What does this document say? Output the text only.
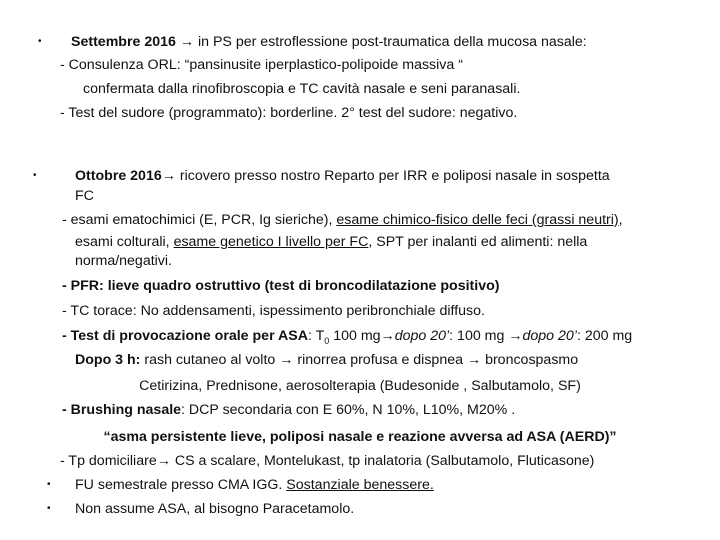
• Settembre 2016 → in PS per estroflessione post-traumatica della mucosa nasale:
- Consulenza ORL: “pansinusite iperplastico-polipoide massiva “
confermata dalla rinofibroscopia e TC cavità nasale e seni paranasali.
- Test del sudore (programmato): borderline. 2° test del sudore: negativo.
•	Ottobre 2016→ ricovero presso nostro Reparto per IRR e poliposi nasale in sospetta
FC
- esami ematochimici (E, PCR, Ig sieriche), esame chimico-fisico delle feci (grassi neutri),
esami colturali, esame genetico I livello per FC, SPT per inalanti ed alimenti: nella
norma/negativi.
- PFR: lieve quadro ostruttivo (test di broncodilatazione positivo)
- TC torace: No addensamenti, ispessimento peribronchiale diffuso.
- Test di provocazione orale per ASA: $T_0$ 100 mg→dopo 20’: 100 mg →dopo 20’: 200 mg
Dopo 3 h: rash cutaneo al volto → rinorrea profusa e dispnea → broncospasmo
Cetirizina, Prednisone, aerosolterapia (Budesonide , Salbutamolo, SF)
- Brushing nasale: DCP secondaria con E 60%, N 10%, L10%, M20% .
“asma persistente lieve, poliposi nasale e reazione avversa ad ASA (AERD)”
- Tp domiciliare→ CS a scalare, Montelukast, tp inalatoria (Salbutamolo, Fluticasone)
• FU semestrale presso CMA IGG. Sostanziale benessere.
• Non assume ASA, al bisogno Paracetamolo.
